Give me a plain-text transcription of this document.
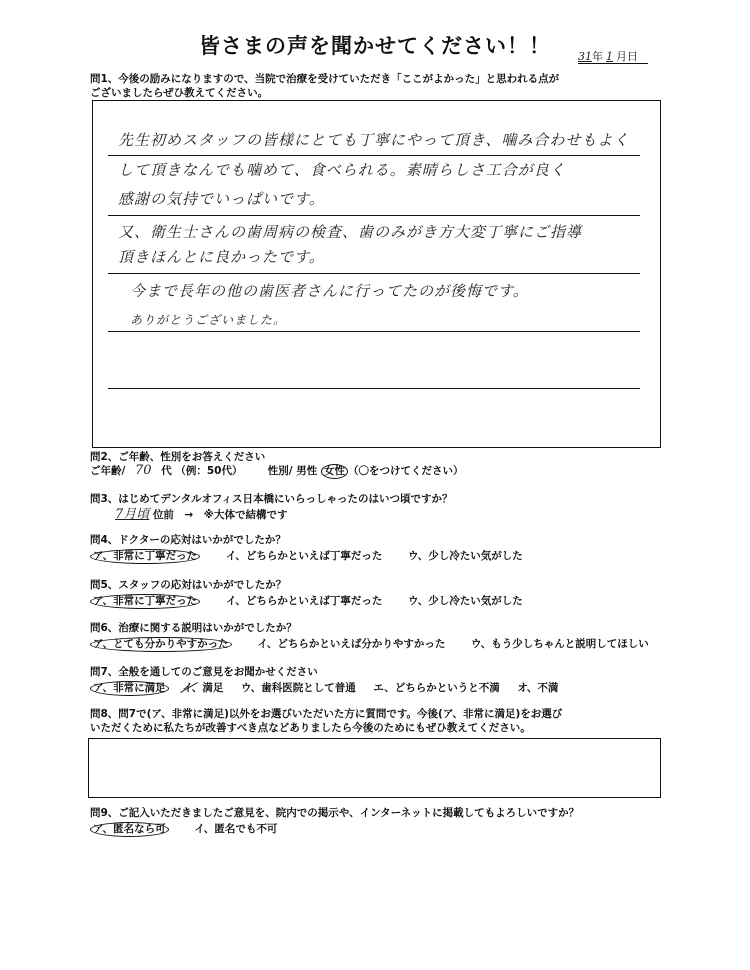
皆さまの声を聞かせてください！！	31年 1 月日
問1、今後の励みになりますので、当院で治療を受けていただき「ここがよかった」と思われる点が
ございましたらぜひ教えてください。
先生初めスタッフの皆様にとても丁寧にやって頂き、噛み合わせもよく
して頂きなんでも噛めて、食べられる。素晴らしさ工合が良く
感謝の気持でいっぱいです。
又、衛生士さんの歯周病の検査、歯のみがき方大変丁寧にご指導
頂きほんとに良かったです。
今まで長年の他の歯医者さんに行ってたのが後悔です。
ありがとうございました。
問2、ご年齢、性別をお答えください
ご年齢/ 70 代 （例：50代） 性別/ 男性 女性 （〇をつけてください）
問3、はじめてデンタルオフィス日本橋にいらっしゃったのはいつ頃ですか？
7月頃 位前　→　※大体で結構です
問4、ドクターの応対はいかがでしたか？
ア、非常に丁寧だった	イ、どちらかといえば丁寧だった ウ、少し冷たい気がした
問5、スタッフの応対はいかがでしたか？
ア、非常に丁寧だった	イ、どちらかといえば丁寧だった ウ、少し冷たい気がした
問6、治療に関する説明はいかがでしたか？
ア、とても分かりやすかった	イ、どちらかといえば分かりやすかった ウ、もう少しちゃんと説明してほしい
問7、全般を通してのご意見をお聞かせください
ア、非常に満足 イ、満足 ウ、歯科医院として普通 エ、どちらかというと不満 オ、不満
問8、問7で(ア、非常に満足)以外をお選びいただいた方に質問です。今後(ア、非常に満足)をお選び
いただくために私たちが改善すべき点などありましたら今後のためにもぜひ教えてください。
問9、ご記入いただきましたご意見を、院内での掲示や、インターネットに掲載してもよろしいですか？
ア、匿名なら可	イ、匿名でも不可
